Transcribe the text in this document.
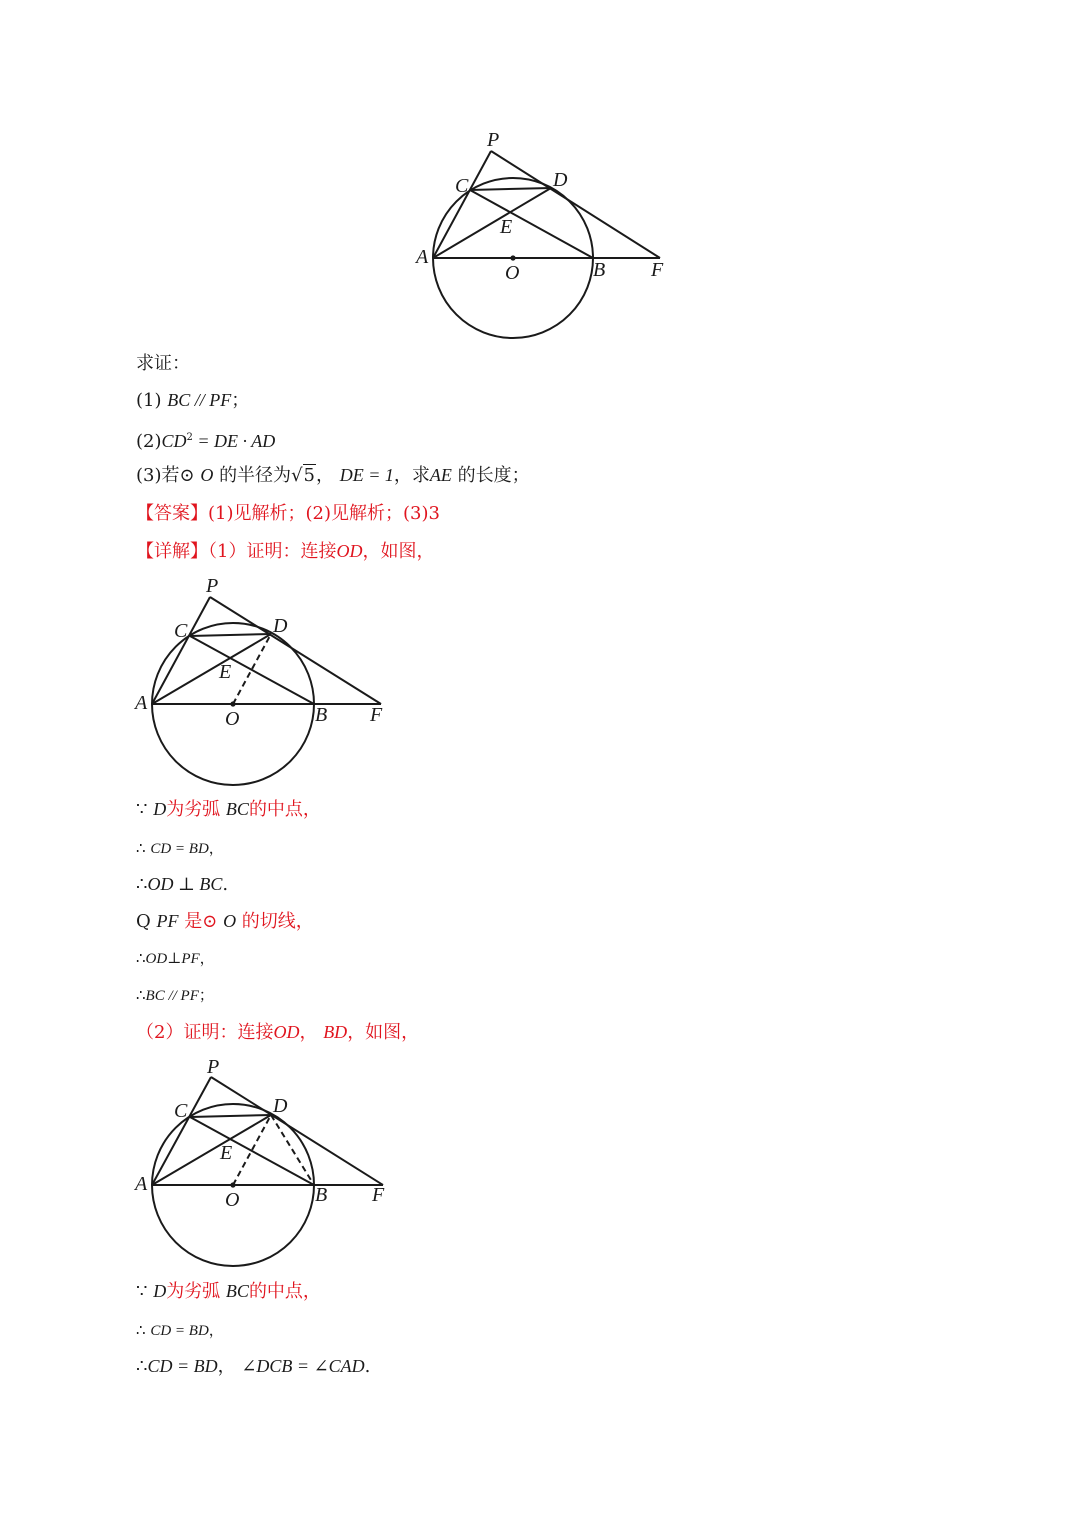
P
C	D
E
A
O	B F
求证：
(1) BC // PF；
$(2)CD^2$ = DE · AD
(3)若⊙ O 的半径为√5， DE = 1，求AE 的长度；
【答案】(1)见解析；(2)见解析；(3)3
【详解】（1）证明：连接OD，如图，
P
C	D
E
A
O	B F
∵ D为劣弧 BC的中点，
∴ CD = BD，
∴OD ⊥ BC.
Q PF 是⊙ O 的切线，
∴OD⊥PF，
∴BC // PF；
（2）证明：连接OD， BD，如图，
P
C	D
E
A
O	B F
∵ D为劣弧 BC的中点，
∴ CD = BD，
∴CD = BD， ∠DCB = ∠CAD.
